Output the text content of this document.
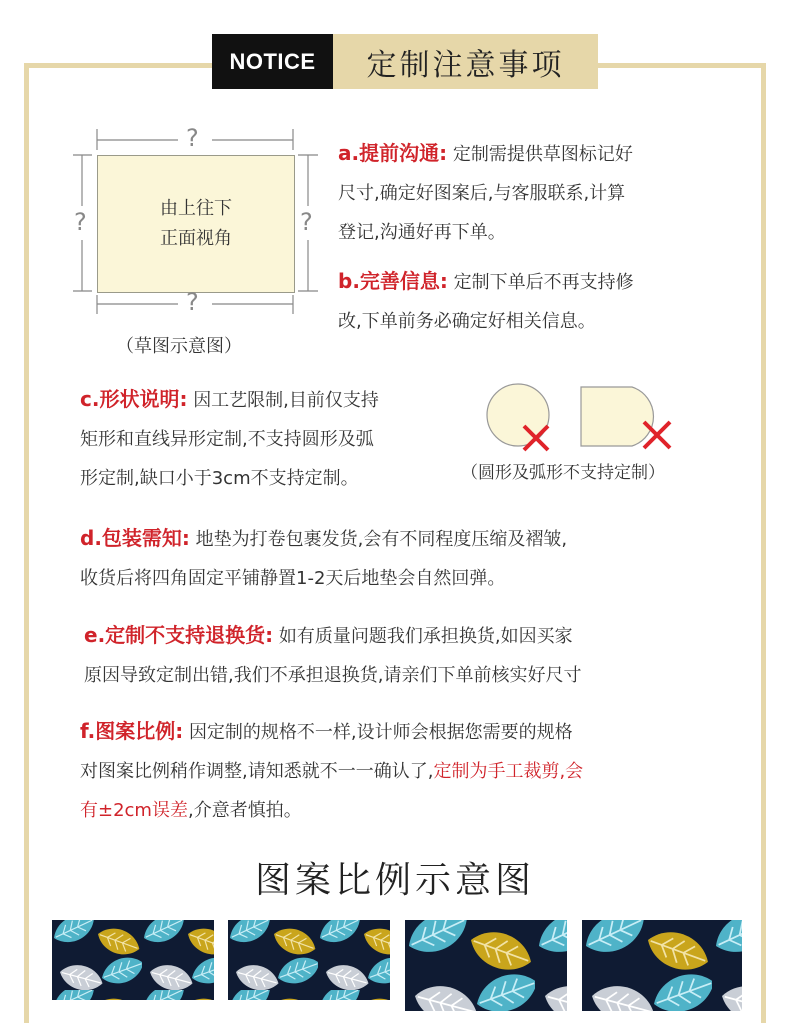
NOTICE	定制注意事项
由上往下
正面视角
?
?
?	?
（草图示意图）
a.提前沟通: 定制需提供草图标记好
尺寸,确定好图案后,与客服联系,计算
登记,沟通好再下单。
b.完善信息: 定制下单后不再支持修
改,下单前务必确定好相关信息。
c.形状说明: 因工艺限制,目前仅支持
矩形和直线异形定制,不支持圆形及弧
形定制,缺口小于3cm不支持定制。	（圆形及弧形不支持定制）
d.包装需知: 地垫为打卷包裹发货,会有不同程度压缩及褶皱,
收货后将四角固定平铺静置1-2天后地垫会自然回弹。
e.定制不支持退换货: 如有质量问题我们承担换货,如因买家
原因导致定制出错,我们不承担退换货,请亲们下单前核实好尺寸
f.图案比例: 因定制的规格不一样,设计师会根据您需要的规格
对图案比例稍作调整,请知悉就不一一确认了,定制为手工裁剪,会
有±2cm误差,介意者慎拍。
图案比例示意图
